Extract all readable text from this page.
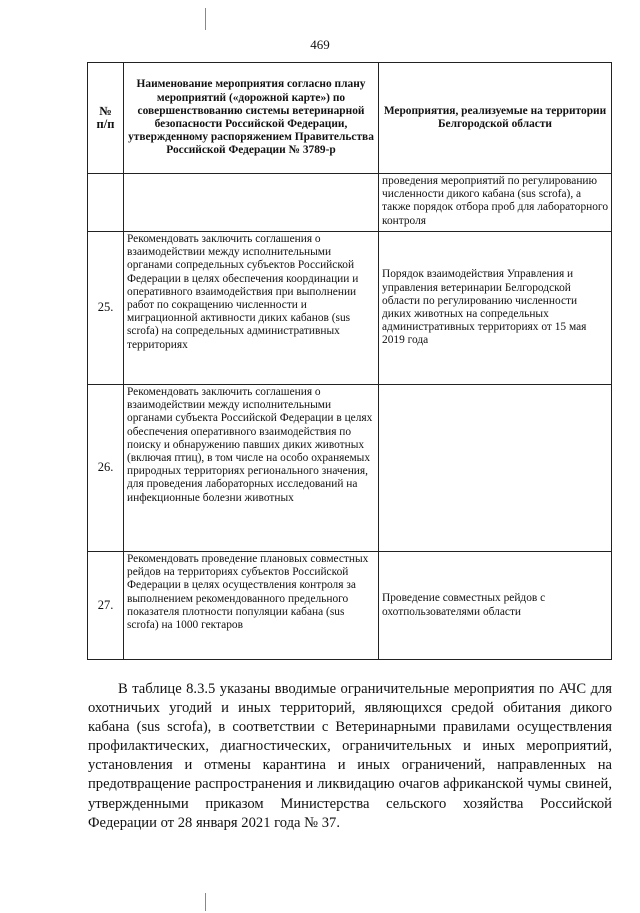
469
№
п/п	Наименование мероприятия согласно плану мероприятий («дорожной карте») по совершенствованию системы ветеринарной безопасности Российской Федерации, утвержденному распоряжением Правительства Российской Федерации № 3789-р	Мероприятия, реализуемые на территории Белгородской области
		проведения мероприятий по регулированию численности дикого кабана (sus scrofa), а также порядок отбора проб для лабораторного контроля
25.	Рекомендовать заключить соглашения о взаимодействии между исполнительными органами сопредельных субъектов Российской Федерации в целях обеспечения координации и оперативного взаимодействия при выполнении работ по сокращению численности и миграционной активности диких кабанов (sus scrofa) на сопредельных административных территориях	Порядок взаимодействия Управления и управления ветеринарии Белгородской области по регулированию численности диких животных на сопредельных административных территориях от 15 мая 2019 года
26.	Рекомендовать заключить соглашения о взаимодействии между исполнительными органами субъекта Российской Федерации в целях обеспечения оперативного взаимодействия по поиску и обнаружению павших диких животных (включая птиц), в том числе на особо охраняемых природных территориях регионального значения, для проведения лабораторных исследований на инфекционные болезни животных	
27.	Рекомендовать проведение плановых совместных рейдов на территориях субъектов Российской Федерации в целях осуществления контроля за выполнением рекомендованного предельного показателя плотности популяции кабана (sus scrofa) на 1000 гектаров	Проведение совместных рейдов с охотпользователями области
В таблице 8.3.5 указаны вводимые ограничительные мероприятия по АЧС для охотничьих угодий и иных территорий, являющихся средой обитания дикого кабана (sus scrofa), в соответствии с Ветеринарными правилами осуществления профилактических, диагностических, ограничительных и иных мероприятий, установления и отмены карантина и иных ограничений, направленных на предотвращение распространения и ликвидацию очагов африканской чумы свиней, утвержденными приказом Министерства сельского хозяйства Российской Федерации от 28 января 2021 года № 37.
